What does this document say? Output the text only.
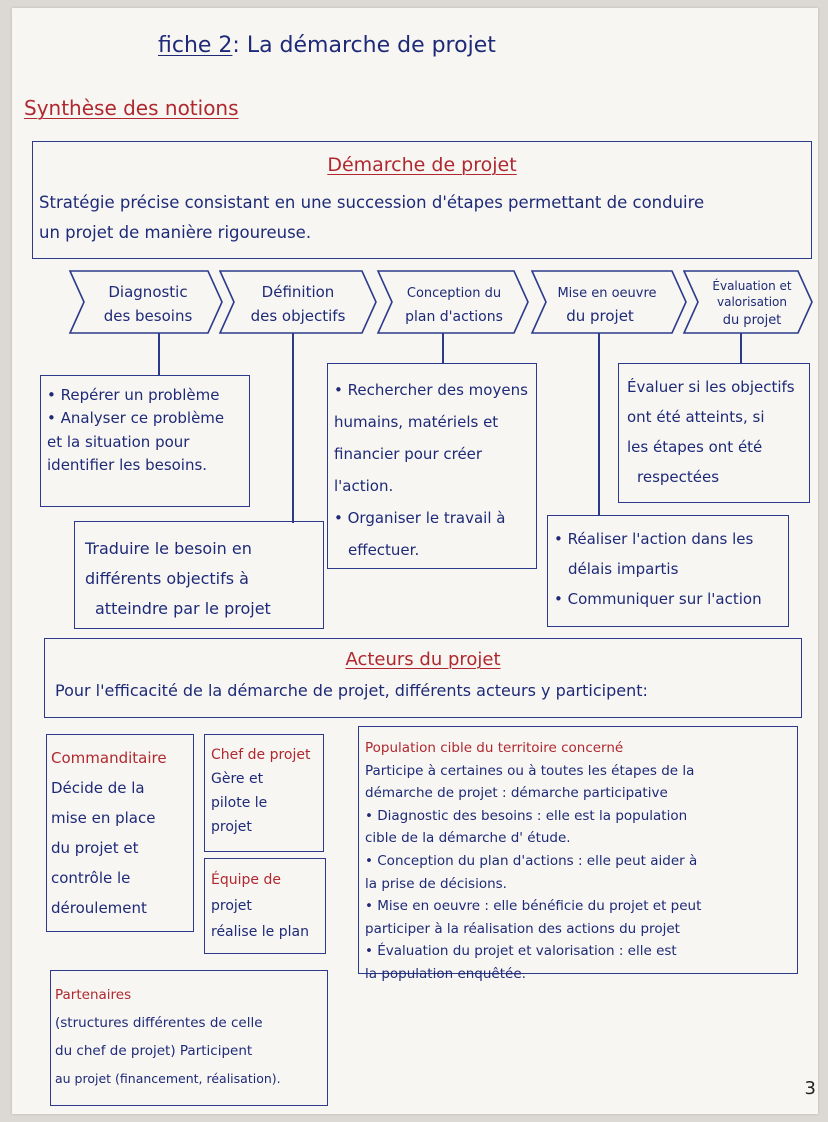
fiche 2: La démarche de projet
Synthèse des notions
Démarche de projet
Stratégie précise consistant en une succession d'étapes permettant de conduire
un projet de manière rigoureuse.
Diagnostic
des besoins
Définition
des objectifs
Conception du
plan d'actions
Mise en oeuvre
du projet
Évaluation et
valorisation
du projet
• Repérer un problème
• Analyser ce problème
et la situation pour
identifier les besoins.
Traduire le besoin en
différents objectifs à
atteindre par le projet
• Rechercher des moyens
humains, matériels et
financier pour créer
l'action.
• Organiser le travail à
effectuer.
Évaluer si les objectifs
ont été atteints, si
les étapes ont été
respectées
• Réaliser l'action dans les
délais impartis
• Communiquer sur l'action
Acteurs du projet
Pour l'efficacité de la démarche de projet, différents acteurs y participent:
Commanditaire
Décide de la
mise en place
du projet et
contrôle le
déroulement
Chef de projet
Gère et
pilote le
projet
Équipe de
projet
réalise le plan
Population cible du territoire concerné
Participe à certaines ou à toutes les étapes de la
démarche de projet : démarche participative
• Diagnostic des besoins : elle est la population
cible de la démarche d' étude.
• Conception du plan d'actions : elle peut aider à
la prise de décisions.
• Mise en oeuvre : elle bénéficie du projet et peut
participer à la réalisation des actions du projet
• Évaluation du projet et valorisation : elle est
la population enquêtée.
Partenaires
(structures différentes de celle
du chef de projet) Participent
au projet (financement, réalisation).	3
